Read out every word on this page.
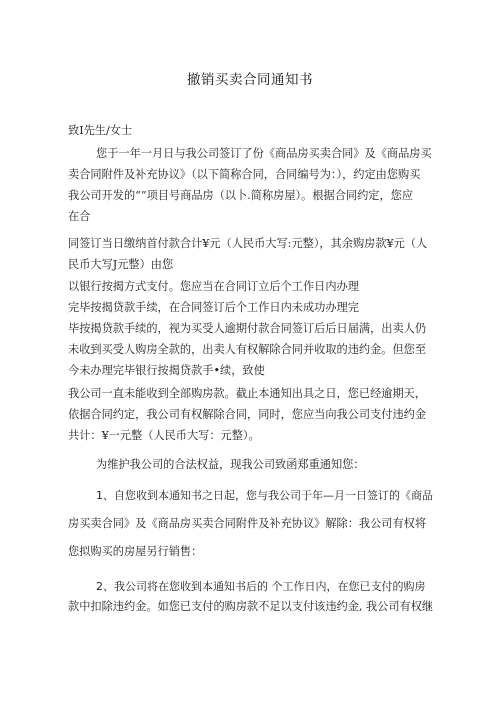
撤销买卖合同通知书
致I先生/女士
您于一年一月日与我公司签订了份《商品房买卖合同》及《商品房买
卖合同附件及补充协议》（以下简称合同，合同编号为：），约定由您购买
我公司开发的“”项目号商品房（以卜.简称房屋）。根据合同约定，您应
在合
同签订当日缴纳首付款合计¥元（人民币大写:元整），其余购房款¥元（人
民币大写J元整）由您
以银行按揭方式支付。您应当在合同订立后个工作日内办理
完毕按揭贷款手续，在合同签订后个工作日内未成功办理完
毕按揭贷款手续的，视为买受人逾期付款合同签订后后日届满，出卖人仍
未收到买受人购房全款的，出卖人有权解除合同并收取的违约金。但您至
今未办理完毕银行按揭贷款手•续，致使
我公司一直未能收到全部购房款。截止本通知出具之日，您已经逾期天，
依据合同约定，我公司有权解除合同，同时，您应当向我公司支付违约金
共计：¥一元整（人民币大写：元整）。
为维护我公司的合法权益，现我公司致函郑重通知您：
1、自您收到本通知书之日起，您与我公司于年—月一日签订的《商品
房买卖合同》及《商品房买卖合同附件及补充协议》解除：我公司有权将
您拟购买的房屋另行销售：
2、我公司将在您收到本通知书后的 个工作日内，在您已支付的购房
款中扣除违约金。如您已支付的购房款不足以支付该违约金, 我公司有权继
